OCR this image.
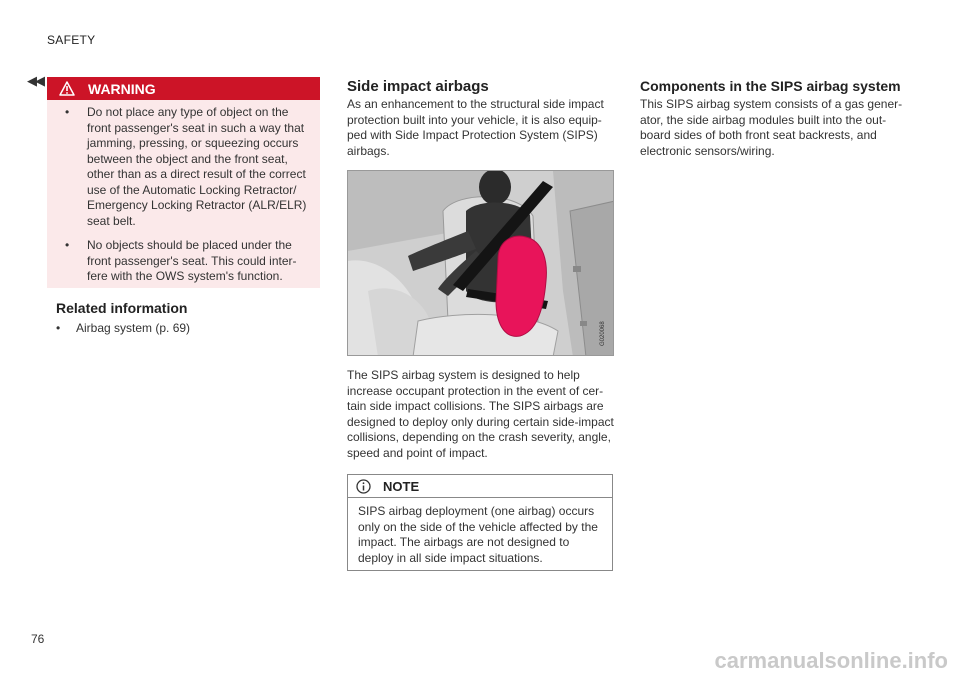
SAFETY
◀◀	WARNING
• Do not place any type of object on the front passenger's seat in such a way that jamming, pressing, or squeezing occurs between the object and the front seat, other than as a direct result of the correct use of the Automatic Locking Retractor/ Emergency Locking Retractor (ALR/ELR) seat belt.
• No objects should be placed under the front passenger's seat. This could inter-fere with the OWS system's function.
Related information
• Airbag system (p. 69)
Side impact airbags

As an enhancement to the structural side impact protection built into your vehicle, it is also equip-ped with Side Impact Protection System (SIPS) airbags.

G020068

The SIPS airbag system is designed to help increase occupant protection in the event of cer-tain side impact collisions. The SIPS airbags are designed to deploy only during certain side-impact collisions, depending on the crash severity, angle, speed and point of impact.

NOTE
SIPS airbag deployment (one airbag) occurs only on the side of the vehicle affected by the impact. The airbags are not designed to deploy in all side impact situations.
Components in the SIPS airbag system

This SIPS airbag system consists of a gas gener-ator, the side airbag modules built into the out-board sides of both front seat backrests, and electronic sensors/wiring.

76
carmanualsonline.info
